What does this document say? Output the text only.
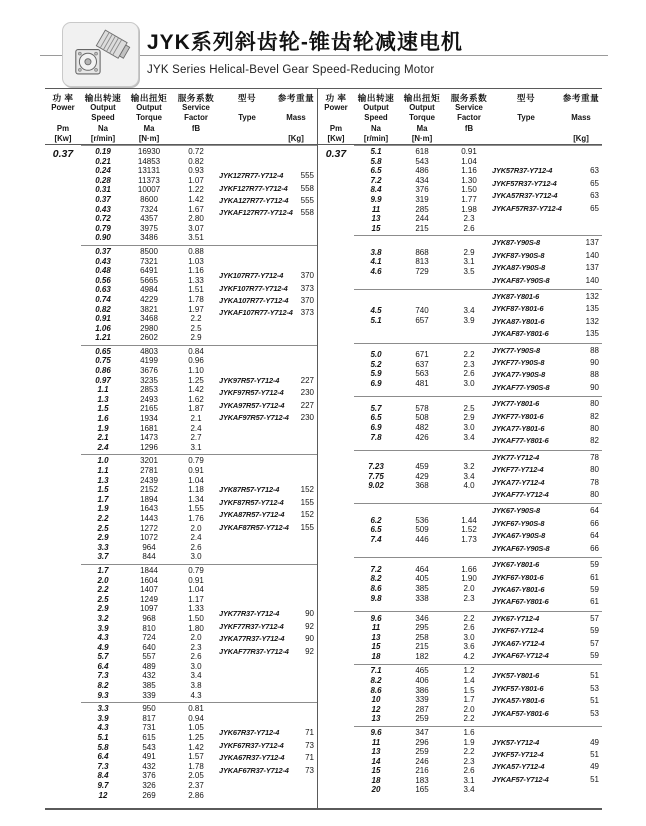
JYK系列斜齿轮-锥齿轮减速电机
JYK Series Helical-Bevel Gear Speed-Reducing Motor
功 率
Power
Pm
[Kw]
输出转速
Output
Speed
Na
[r/min]
输出扭矩
Output
Torque
Ma
[N·m]
服务系数
Service
Factor
fB
型号
Type
参考重量
Mass
[Kg]
0.37	0.19	16930	0.72
0.21	14853	0.82
0.24	13131	0.93
0.28	11373	1.07
0.31	10007	1.22
0.37	8600	1.42
0.43	7324	1.67
0.72	4357	2.80
0.79	3975	3.07
0.90	3486	3.51
JYK127R77-Y712-4	555
JYKF127R77-Y712-4	558
JYKA127R77-Y712-4	555
JYKAF127R77-Y712-4 558
0.37	8500	0.88
0.43	7321	1.03
0.48	6491	1.16
0.56	5665	1.33
0.63	4984	1.51
0.74	4229	1.78
0.82	3821	1.97
0.91	3468	2.2
1.06	2980	2.5
1.21	2602	2.9
JYK107R77-Y712-4	370
JYKF107R77-Y712-4	373
JYKA107R77-Y712-4	370
JYKAF107R77-Y712-4 373
0.65	4803	0.84
0.75	4199	0.96
0.86	3676	1.10
0.97	3235	1.25
1.1	2853	1.42
1.3	2493	1.62
1.5	2165	1.87
1.6	1934	2.1
1.9	1681	2.4
2.1	1473	2.7
2.4	1296	3.1
JYK97R57-Y712-4	227
JYKF97R57-Y712-4	230
JYKA97R57-Y712-4	227
JYKAF97R57-Y712-4	230
1.0	3201	0.79
1.1	2781	0.91
1.3	2439	1.04
1.5	2152	1.18
1.7	1894	1.34
1.9	1643	1.55
2.2	1443	1.76
2.5	1272	2.0
2.9	1072	2.4
3.3	964	2.6
3.7	844	3.0
JYK87R57-Y712-4	152
JYKF87R57-Y712-4	155
JYKA87R57-Y712-4	152
JYKAF87R57-Y712-4	155
1.7	1844	0.79
2.0	1604	0.91
2.2	1407	1.04
2.5	1249	1.17
2.9	1097	1.33
3.2	968	1.50
3.9	810	1.80
4.3	724	2.0
4.9	640	2.3
5.7	557	2.6
6.4	489	3.0
7.3	432	3.4
8.2	385	3.8
9.3	339	4.3
JYK77R37-Y712-4	90
JYKF77R37-Y712-4	92
JYKA77R37-Y712-4	90
JYKAF77R37-Y712-4	92
3.3	950	0.81
3.9	817	0.94
4.3	731	1.05
5.1	615	1.25
5.8	543	1.42
6.4	491	1.57
7.3	432	1.78
8.4	376	2.05
9.7	326	2.37
12	269	2.86
JYK67R37-Y712-4	71
JYKF67R37-Y712-4	73
JYKA67R37-Y712-4	71
JYKAF67R37-Y712-4	73
功 率
Power
Pm
[Kw]
输出转速
Output
Speed
Na
[r/min]
输出扭矩
Output
Torque
Ma
[N·m]
服务系数
Service
Factor
fB
型号
Type
参考重量
Mass
[Kg]
0.37	5.1	618	0.91
5.8	543	1.04
6.5	486	1.16
7.2	434	1.30
8.4	376	1.50
9.9	319	1.77
11	285	1.98
13	244	2.3
15	215	2.6
JYK57R37-Y712-4	63
JYKF57R37-Y712-4	65
JYKA57R37-Y712-4	63
JYKAF57R37-Y712-4	65
3.8	868	2.9
4.1	813	3.1
4.6	729	3.5
JYK87-Y90S-8	137
JYKF87-Y90S-8	140
JYKA87-Y90S-8	137
JYKAF87-Y90S-8	140
4.5	740	3.4
5.1	657	3.9
JYK87-Y801-6	132
JYKF87-Y801-6	135
JYKA87-Y801-6	132
JYKAF87-Y801-6	135
5.0	671	2.2
5.2	637	2.3
5.9	563	2.6
6.9	481	3.0
JYK77-Y90S-8	88
JYKF77-Y90S-8	90
JYKA77-Y90S-8	88
JYKAF77-Y90S-8	90
5.7	578	2.5
6.5	508	2.9
6.9	482	3.0
7.8	426	3.4
JYK77-Y801-6	80
JYKF77-Y801-6	82
JYKA77-Y801-6	80
JYKAF77-Y801-6	82
7.23	459	3.2
7.75	429	3.4
9.02	368	4.0
JYK77-Y712-4	78
JYKF77-Y712-4	80
JYKA77-Y712-4	78
JYKAF77-Y712-4	80
6.2	536	1.44
6.5	509	1.52
7.4	446	1.73
JYK67-Y90S-8	64
JYKF67-Y90S-8	66
JYKA67-Y90S-8	64
JYKAF67-Y90S-8	66
7.2	464	1.66
8.2	405	1.90
8.6	385	2.0
9.8	338	2.3
JYK67-Y801-6	59
JYKF67-Y801-6	61
JYKA67-Y801-6	59
JYKAF67-Y801-6	61
9.6	346	2.2
11	295	2.6
13	258	3.0
15	215	3.6
18	182	4.2
JYK67-Y712-4	57
JYKF67-Y712-4	59
JYKA67-Y712-4	57
JYKAF67-Y712-4	59
7.1	465	1.2
8.2	406	1.4
8.6	386	1.5
10	339	1.7
12	287	2.0
13	259	2.2
JYK57-Y801-6	51
JYKF57-Y801-6	53
JYKA57-Y801-6	51
JYKAF57-Y801-6	53
9.6	347	1.6
11	296	1.9
13	259	2.2
14	246	2.3
15	216	2.6
18	183	3.1
20	165	3.4
JYK57-Y712-4	49
JYKF57-Y712-4	51
JYKA57-Y712-4	49
JYKAF57-Y712-4	51
